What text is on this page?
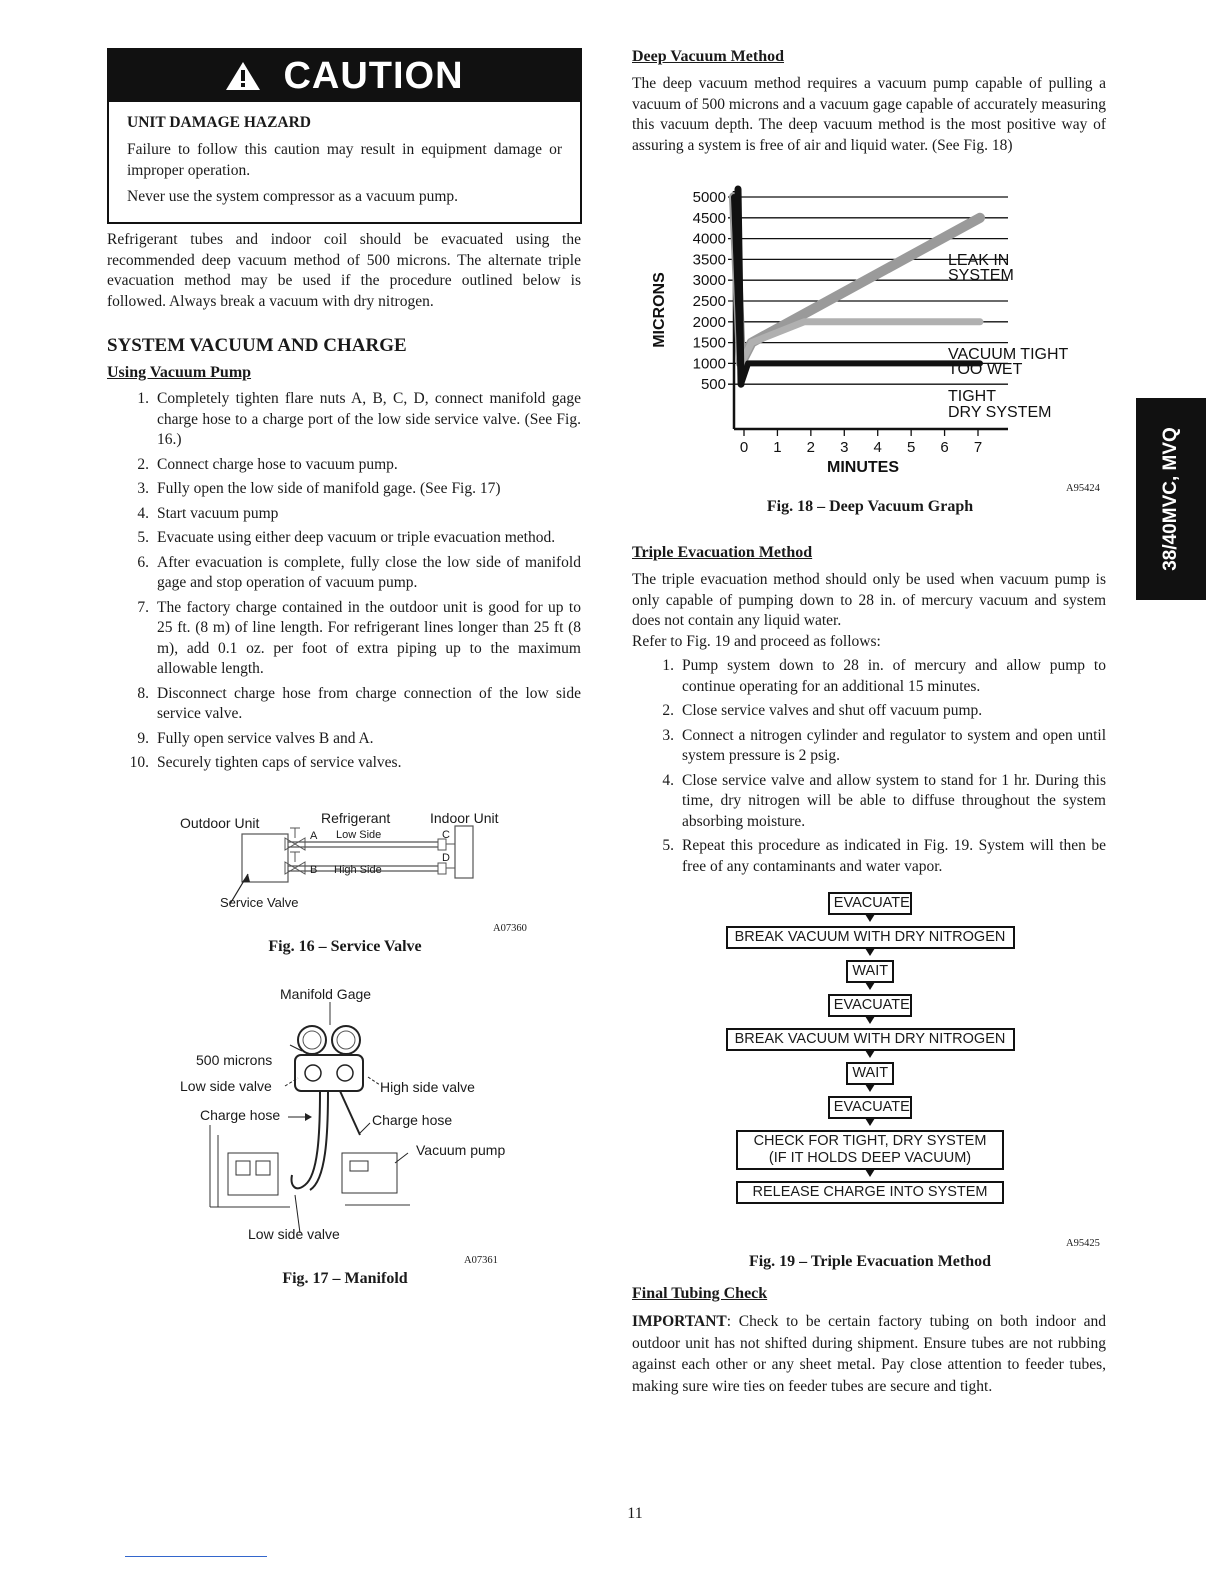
CAUTION

UNIT DAMAGE HAZARD

Failure to follow this caution may result in equipment damage or improper operation.

Never use the system compressor as a vacuum pump.

Refrigerant tubes and indoor coil should be evacuated using the recommended deep vacuum method of 500 microns. The alternate triple evacuation method may be used if the procedure outlined below is followed. Always break a vacuum with dry nitrogen.

SYSTEM VACUUM AND CHARGE

Using Vacuum Pump

1. Completely tighten flare nuts A, B, C, D, connect manifold gage charge hose to a charge port of the low side service valve. (See Fig. 16.)
2. Connect charge hose to vacuum pump.
3. Fully open the low side of manifold gage. (See Fig. 17)
4. Start vacuum pump
5. Evacuate using either deep vacuum or triple evacuation method.
6. After evacuation is complete, fully close the low side of manifold gage and stop operation of vacuum pump.
7. The factory charge contained in the outdoor unit is good for up to 25 ft. (8 m) of line length. For refrigerant lines longer than 25 ft (8 m), add 0.1 oz. per foot of extra piping up to the maximum allowable length.
8. Disconnect charge hose from charge connection of the low side service valve.
9. Fully open service valves B and A.
10. Securely tighten caps of service valves.
Outdoor Unit	Refrigerant	Indoor Unit
Low Side
High Side
A
B
C
D
Service Valve
A07360
Fig. 16 – Service Valve
Manifold Gage
500 microns
Low side valve	High side valve
Charge hose	Charge hose
Vacuum pump
Low side valve
A07361
Fig. 17 – Manifold

Deep Vacuum Method

The deep vacuum method requires a vacuum pump capable of pulling a vacuum of 500 microns and a vacuum gage capable of accurately measuring this vacuum depth. The deep vacuum method is the most positive way of assuring a system is free of air and liquid water. (See Fig. 18)

500
1000
1500
2000
2500
3000
3500
4000
4500
5000
0 1 2 3 4 5 6 7
MICRONS
MINUTES
LEAK IN
SYSTEM
VACUUM TIGHT
TOO WET
TIGHT
DRY SYSTEM
A95424
Fig. 18 – Deep Vacuum Graph

Triple Evacuation Method

The triple evacuation method should only be used when vacuum pump is only capable of pumping down to 28 in. of mercury vacuum and system does not contain any liquid water.

Refer to Fig. 19 and proceed as follows:

1. Pump system down to 28 in. of mercury and allow pump to continue operating for an additional 15 minutes.
2. Close service valves and shut off vacuum pump.
3. Connect a nitrogen cylinder and regulator to system and open until system pressure is 2 psig.
4. Close service valve and allow system to stand for 1 hr. During this time, dry nitrogen will be able to diffuse throughout the system absorbing moisture.
5. Repeat this procedure as indicated in Fig. 19. System will then be free of any contaminants and water vapor.
EVACUATE
BREAK VACUUM WITH DRY NITROGEN
WAIT
EVACUATE
BREAK VACUUM WITH DRY NITROGEN
WAIT
EVACUATE
CHECK FOR TIGHT, DRY SYSTEM
(IF IT HOLDS DEEP VACUUM)
RELEASE CHARGE INTO SYSTEM
A95425
Fig. 19 – Triple Evacuation Method

Final Tubing Check

IMPORTANT: Check to be certain factory tubing on both indoor and outdoor unit has not shifted during shipment. Ensure tubes are not rubbing against each other or any sheet metal. Pay close attention to feeder tubes, making sure wire ties on feeder tubes are secure and tight.

38/40MVC, MVQ
11
